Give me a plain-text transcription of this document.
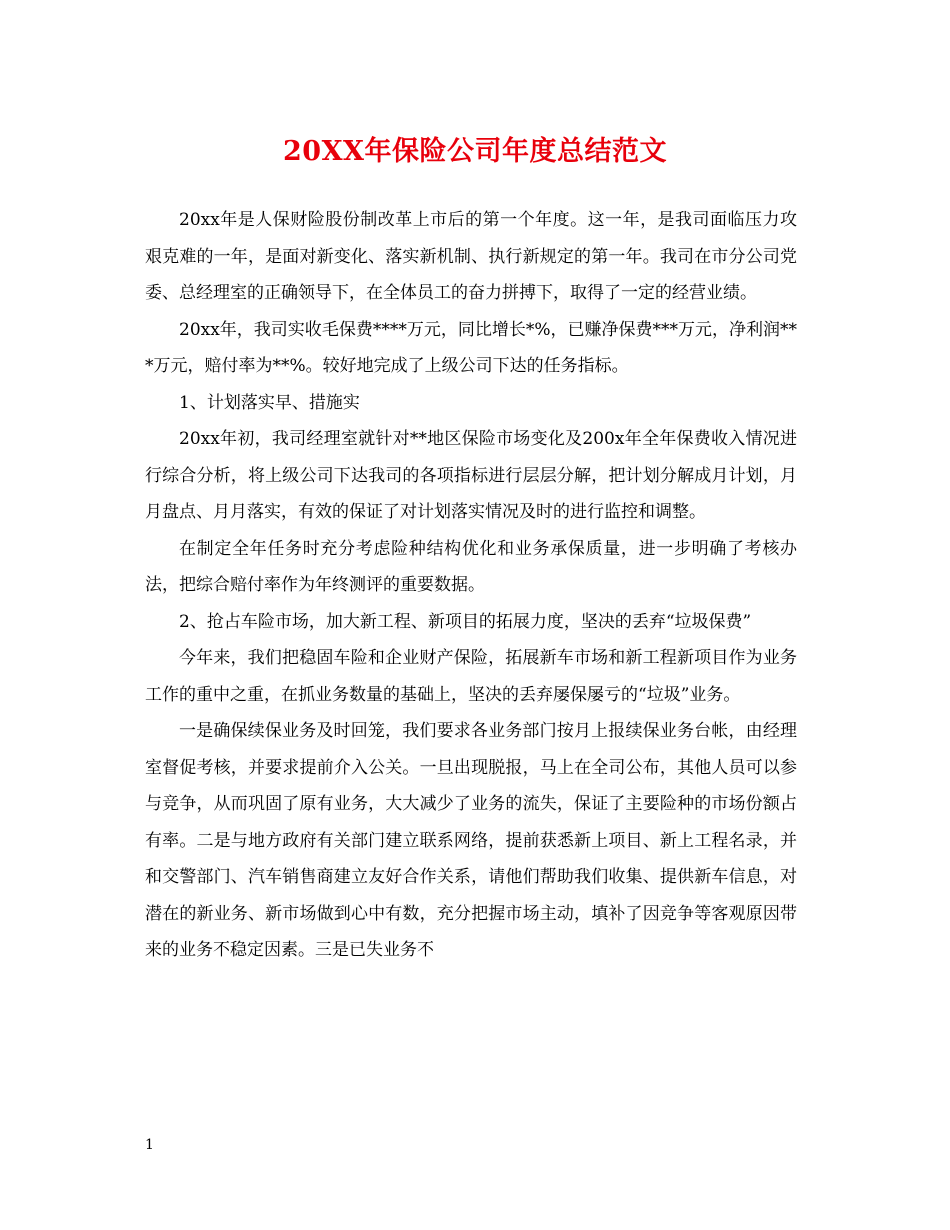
20XX年保险公司年度总结范文

20xx年是人保财险股份制改革上市后的第一个年度。这一年，是我司面临压力攻艰克难的一年，是面对新变化、落实新机制、执行新规定的第一年。我司在市分公司党委、总经理室的正确领导下，在全体员工的奋力拼搏下，取得了一定的经营业绩。

20xx年，我司实收毛保费****万元，同比增长*%，已赚净保费***万元，净利润***万元，赔付率为**%。较好地完成了上级公司下达的任务指标。

1、计划落实早、措施实

20xx年初，我司经理室就针对**地区保险市场变化及200x年全年保费收入情况进行综合分析，将上级公司下达我司的各项指标进行层层分解，把计划分解成月计划，月月盘点、月月落实，有效的保证了对计划落实情况及时的进行监控和调整。

在制定全年任务时充分考虑险种结构优化和业务承保质量，进一步明确了考核办法，把综合赔付率作为年终测评的重要数据。

2、抢占车险市场，加大新工程、新项目的拓展力度，坚决的丢弃“垃圾保费”

今年来，我们把稳固车险和企业财产保险，拓展新车市场和新工程新项目作为业务工作的重中之重，在抓业务数量的基础上，坚决的丢弃屡保屡亏的“垃圾”业务。

一是确保续保业务及时回笼，我们要求各业务部门按月上报续保业务台帐，由经理室督促考核，并要求提前介入公关。一旦出现脱报，马上在全司公布，其他人员可以参与竞争，从而巩固了原有业务，大大减少了业务的流失，保证了主要险种的市场份额占有率。二是与地方政府有关部门建立联系网络，提前获悉新上项目、新上工程名录，并和交警部门、汽车销售商建立友好合作关系，请他们帮助我们收集、提供新车信息，对潜在的新业务、新市场做到心中有数，充分把握市场主动，填补了因竞争等客观原因带来的业务不稳定因素。三是已失业务不

1
